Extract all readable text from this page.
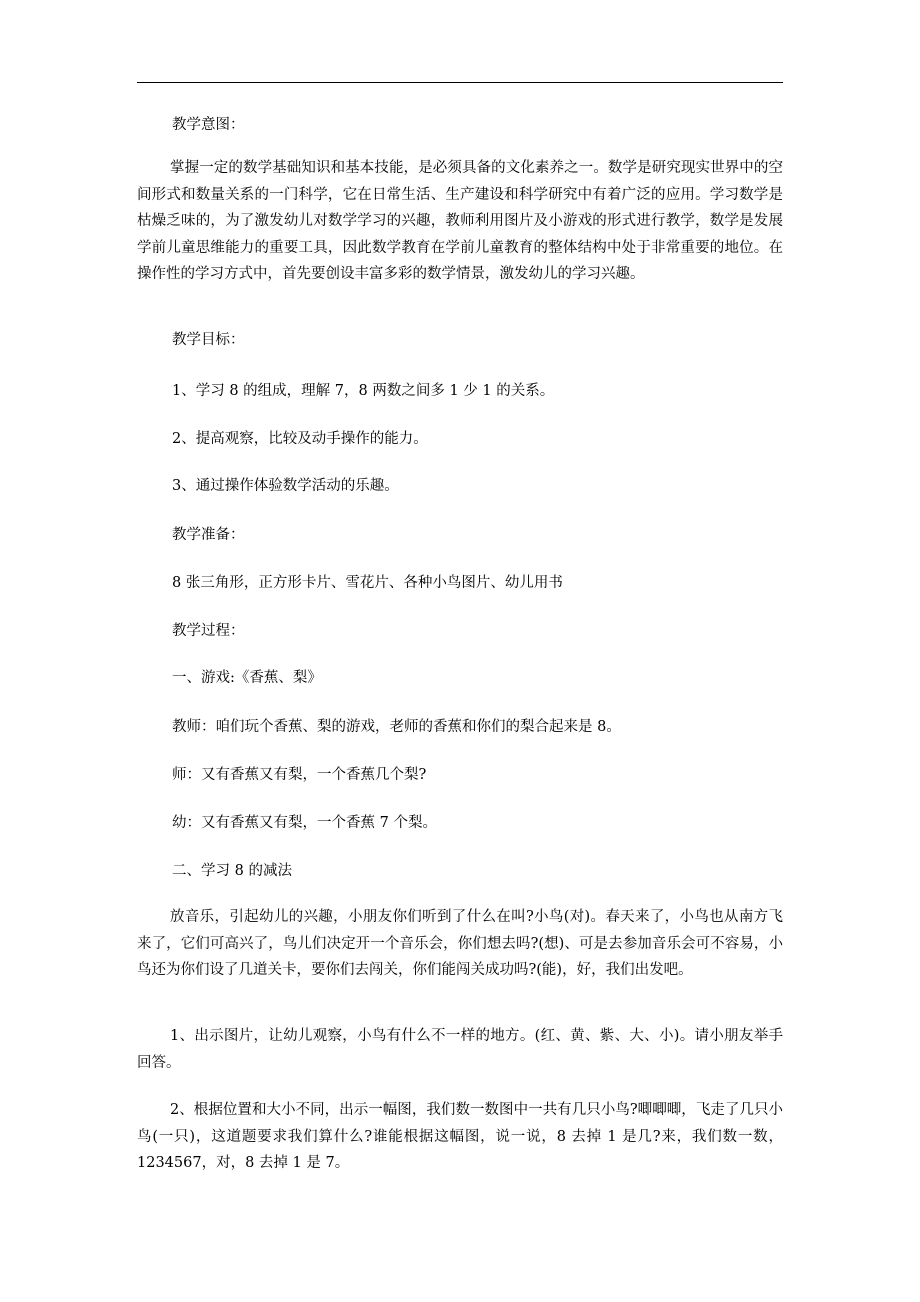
教学意图：
掌握一定的数学基础知识和基本技能，是必须具备的文化素养之一。数学是研究现实世界中的空间形式和数量关系的一门科学，它在日常生活、生产建设和科学研究中有着广泛的应用。学习数学是枯燥乏味的，为了激发幼儿对数学学习的兴趣，教师利用图片及小游戏的形式进行教学，数学是发展学前儿童思维能力的重要工具，因此数学教育在学前儿童教育的整体结构中处于非常重要的地位。在操作性的学习方式中，首先要创设丰富多彩的数学情景，激发幼儿的学习兴趣。
教学目标：
1、学习 8 的组成，理解 7，8 两数之间多 1 少 1 的关系。
2、提高观察，比较及动手操作的能力。
3、通过操作体验数学活动的乐趣。
教学准备：
8 张三角形，正方形卡片、雪花片、各种小鸟图片、幼儿用书
教学过程：
一、游戏:《香蕉、梨》
教师：咱们玩个香蕉、梨的游戏，老师的香蕉和你们的梨合起来是 8。
师：又有香蕉又有梨，一个香蕉几个梨?
幼：又有香蕉又有梨，一个香蕉 7 个梨。
二、学习 8 的减法
放音乐，引起幼儿的兴趣，小朋友你们听到了什么在叫?小鸟(对)。春天来了，小鸟也从南方飞来了，它们可高兴了，鸟儿们决定开一个音乐会，你们想去吗?(想)、可是去参加音乐会可不容易，小鸟还为你们设了几道关卡，要你们去闯关，你们能闯关成功吗?(能)，好，我们出发吧。
1、出示图片，让幼儿观察，小鸟有什么不一样的地方。(红、黄、紫、大、小)。请小朋友举手回答。
2、根据位置和大小不同，出示一幅图，我们数一数图中一共有几只小鸟?唧唧唧，飞走了几只小鸟(一只)，这道题要求我们算什么?谁能根据这幅图，说一说，8 去掉 1 是几?来，我们数一数，1234567，对，8 去掉 1 是 7。
